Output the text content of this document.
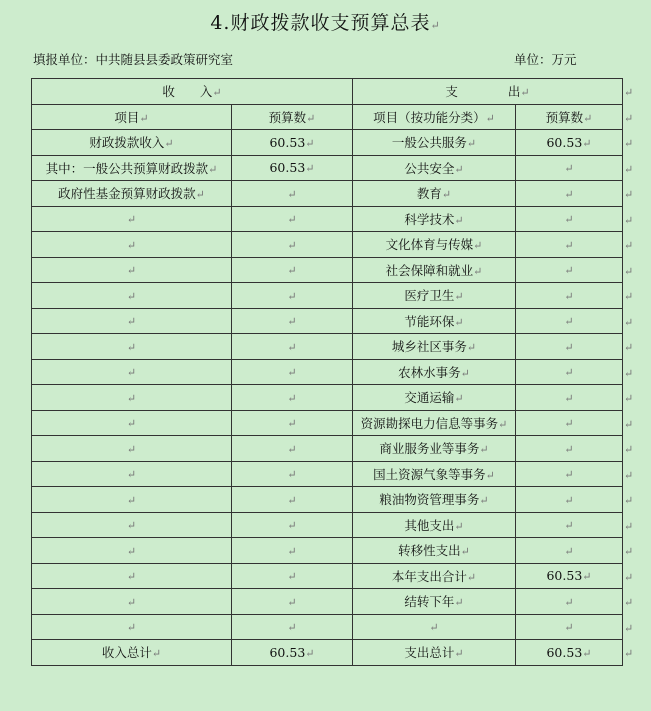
4.财政拨款收支预算总表↵
填报单位：中共随县县委政策研究室	单位：万元
收　　入↵		支　　　　出↵	
项目↵	预算数↵	项目（按功能分类）↵	预算数↵
财政拨款收入↵	60.53↵	一般公共服务↵	60.53↵
其中：一般公共预算财政拨款↵	60.53↵	公共安全↵	↵
政府性基金预算财政拨款↵	↵	教育↵	↵
↵	↵	科学技术↵	↵
↵	↵	文化体育与传媒↵	↵
↵	↵	社会保障和就业↵	↵
↵	↵	医疗卫生↵	↵
↵	↵	节能环保↵	↵
↵	↵	城乡社区事务↵	↵
↵	↵	农林水事务↵	↵
↵	↵	交通运输↵	↵
↵	↵	资源勘探电力信息等事务↵	↵
↵	↵	商业服务业等事务↵	↵
↵	↵	国土资源气象等事务↵	↵
↵	↵	粮油物资管理事务↵	↵
↵	↵	其他支出↵	↵
↵	↵	转移性支出↵	↵
↵	↵	本年支出合计↵	60.53↵
↵	↵	结转下年↵	↵
↵	↵	↵	↵
收入总计↵	60.53↵	支出总计↵	60.53↵
↵
↵
↵
↵
↵
↵
↵
↵
↵
↵
↵
↵
↵
↵
↵
↵
↵
↵
↵
↵
↵
↵
↵
